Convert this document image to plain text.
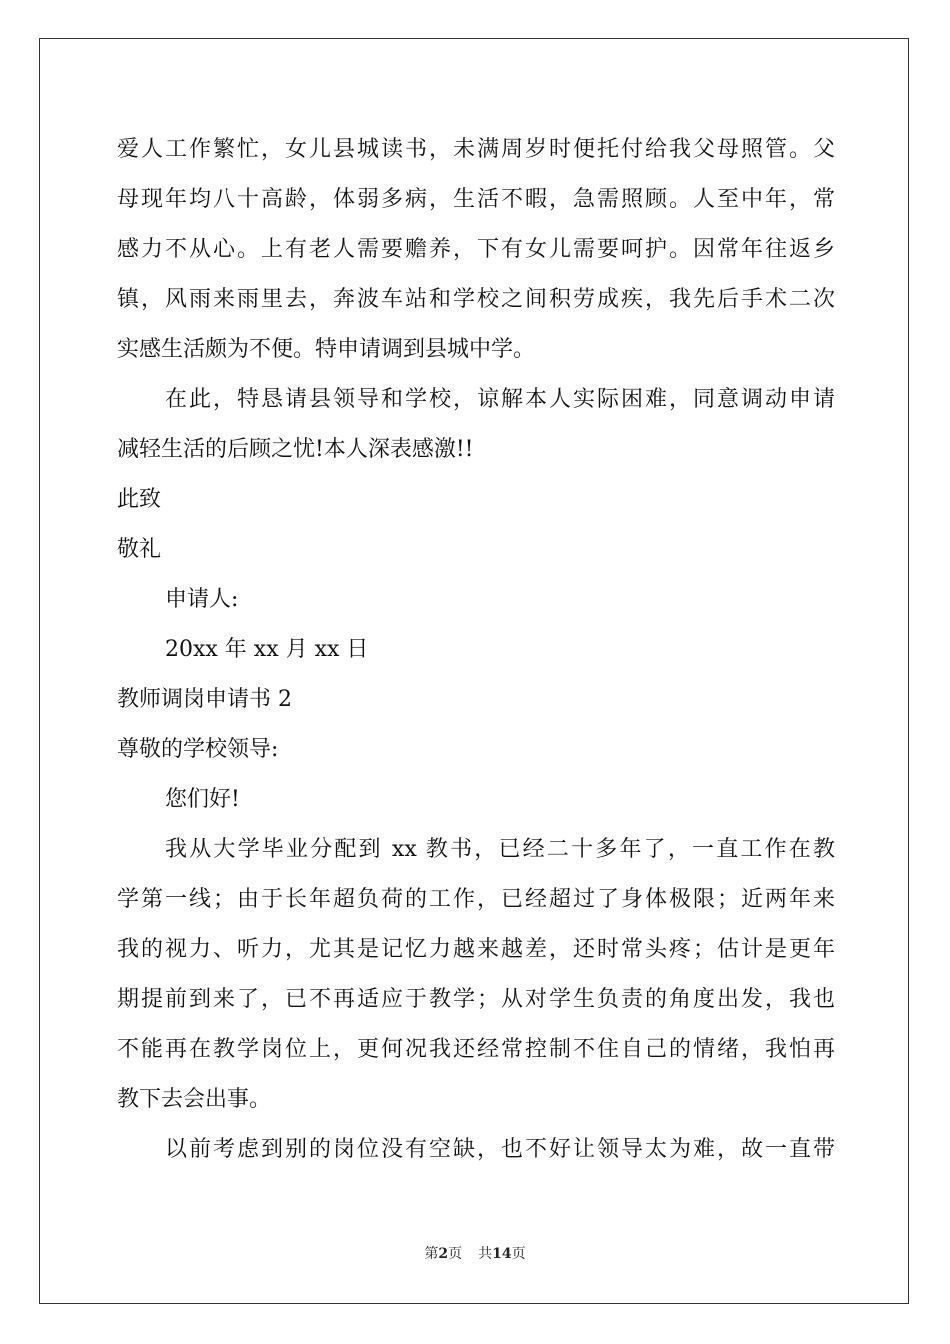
爱人工作繁忙，女儿县城读书，未满周岁时便托付给我父母照管。父
母现年均八十高龄，体弱多病，生活不暇，急需照顾。人至中年，常
感力不从心。上有老人需要赡养，下有女儿需要呵护。因常年往返乡
镇，风雨来雨里去，奔波车站和学校之间积劳成疾，我先后手术二次
实感生活颇为不便。特申请调到县城中学。
在此，特恳请县领导和学校，谅解本人实际困难，同意调动申请
减轻生活的后顾之忧!本人深表感激!!
此致
敬礼
申请人:
20xx 年 xx 月 xx 日
教师调岗申请书 2
尊敬的学校领导:
您们好!
我从大学毕业分配到 xx 教书，已经二十多年了，一直工作在教
学第一线；由于长年超负荷的工作，已经超过了身体极限；近两年来
我的视力、听力，尤其是记忆力越来越差，还时常头疼；估计是更年
期提前到来了，已不再适应于教学；从对学生负责的角度出发，我也
不能再在教学岗位上，更何况我还经常控制不住自己的情绪，我怕再
教下去会出事。
以前考虑到别的岗位没有空缺，也不好让领导太为难，故一直带
第2页 共14页
